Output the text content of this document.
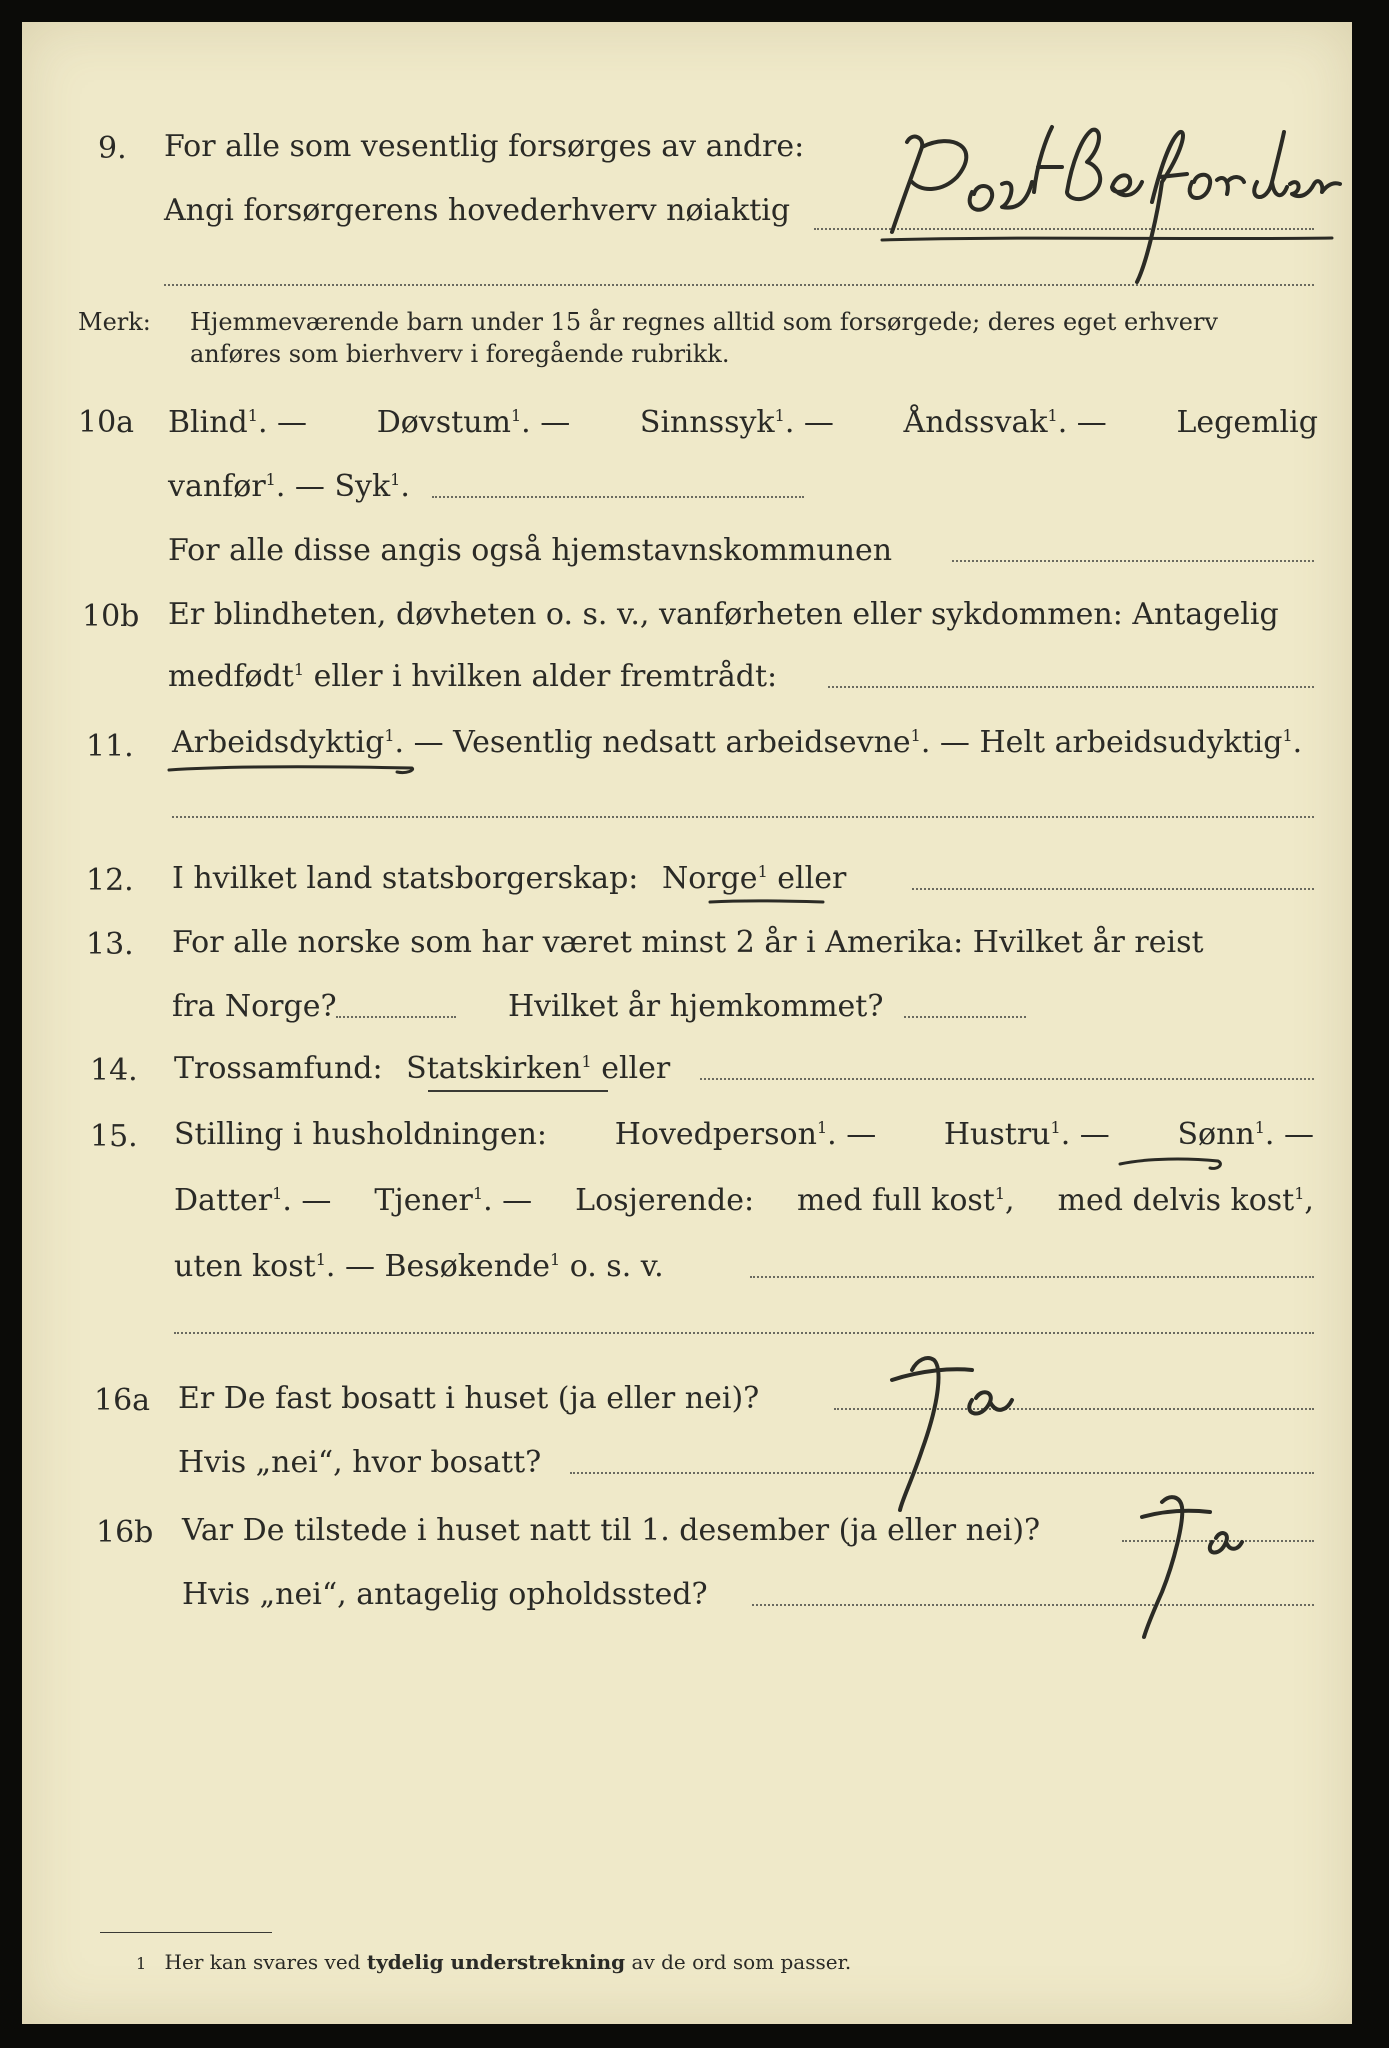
9. For alle som vesentlig forsørges av andre:
Angi forsørgerens hovederhverv nøiaktig
Merk: Hjemmeværende barn under 15 år regnes alltid som forsørgede; deres eget erhverv
anføres som bierhverv i foregående rubrikk.
10a Blind$^1$. — Døvstum$^1$. — Sinnssyk$^1$. — Åndssvak$^1$. — Legemlig
vanfør$^1$. — Syk$^1$.
For alle disse angis også hjemstavnskommunen
10b Er blindheten, døvheten o. s. v., vanførheten eller sykdommen: Antagelig
medfødt$^1$ eller i hvilken alder fremtrådt:
11. Arbeidsdyktig$^1$. — Vesentlig nedsatt arbeidsevne$^1$. — Helt arbeidsudyktig$^1$.
12. I hvilket land statsborgerskap: Norge$^1$ eller
13. For alle norske som har været minst 2 år i Amerika: Hvilket år reist
fra Norge?	Hvilket år hjemkommet?
14. Trossamfund: Statskirken$^1$ eller
15. Stilling i husholdningen: Hovedperson$^1$. — Hustru$^1$. — Sønn$^1$. —
Datter$^1$. — Tjener$^1$. — Losjerende: med full kost$^1$, med delvis kost$^1$,
uten kost$^1$. — Besøkende$^1$ o. s. v.
16a Er De fast bosatt i huset (ja eller nei)?
Hvis „nei“, hvor bosatt?
16b Var De tilstede i huset natt til 1. desember (ja eller nei)?
Hvis „nei“, antagelig opholdssted?
1 Her kan svares ved tydelig understrekning av de ord som passer.
